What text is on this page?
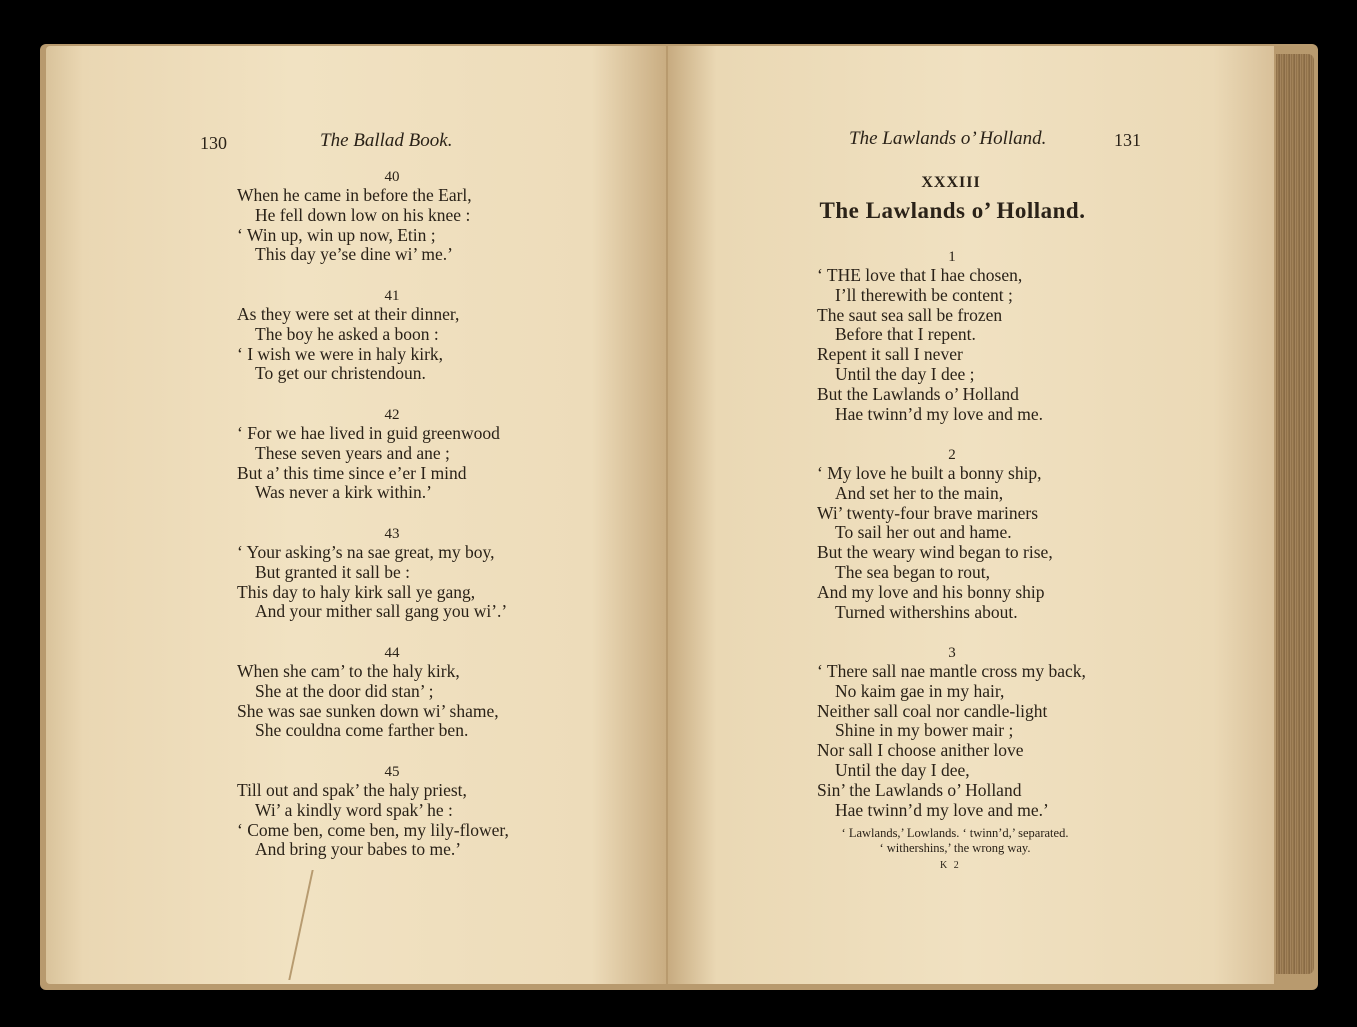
130	The Ballad Book.
40
When he came in before the Earl,
He fell down low on his knee :
‘ Win up, win up now, Etin ;
This day ye’se dine wi’ me.’
41
As they were set at their dinner,
The boy he asked a boon :
‘ I wish we were in haly kirk,
To get our christendoun.
42
‘ For we hae lived in guid greenwood
These seven years and ane ;
But a’ this time since e’er I mind
Was never a kirk within.’
43
‘ Your asking’s na sae great, my boy,
But granted it sall be :
This day to haly kirk sall ye gang,
And your mither sall gang you wi’.’
44
When she cam’ to the haly kirk,
She at the door did stan’ ;
She was sae sunken down wi’ shame,
She couldna come farther ben.
45
Till out and spak’ the haly priest,
Wi’ a kindly word spak’ he :
‘ Come ben, come ben, my lily-flower,
And bring your babes to me.’
The Lawlands o’ Holland.	131
XXXIII
The Lawlands o’ Holland.
1
‘ THE love that I hae chosen,
I’ll therewith be content ;
The saut sea sall be frozen
Before that I repent.
Repent it sall I never
Until the day I dee ;
But the Lawlands o’ Holland
Hae twinn’d my love and me.
2
‘ My love he built a bonny ship,
And set her to the main,
Wi’ twenty-four brave mariners
To sail her out and hame.
But the weary wind began to rise,
The sea began to rout,
And my love and his bonny ship
Turned withershins about.
3
‘ There sall nae mantle cross my back,
No kaim gae in my hair,
Neither sall coal nor candle-light
Shine in my bower mair ;
Nor sall I choose anither love
Until the day I dee,
Sin’ the Lawlands o’ Holland
Hae twinn’d my love and me.’
‘ Lawlands,’ Lowlands. ‘ twinn’d,’ separated.
‘ withershins,’ the wrong way.
K 2
